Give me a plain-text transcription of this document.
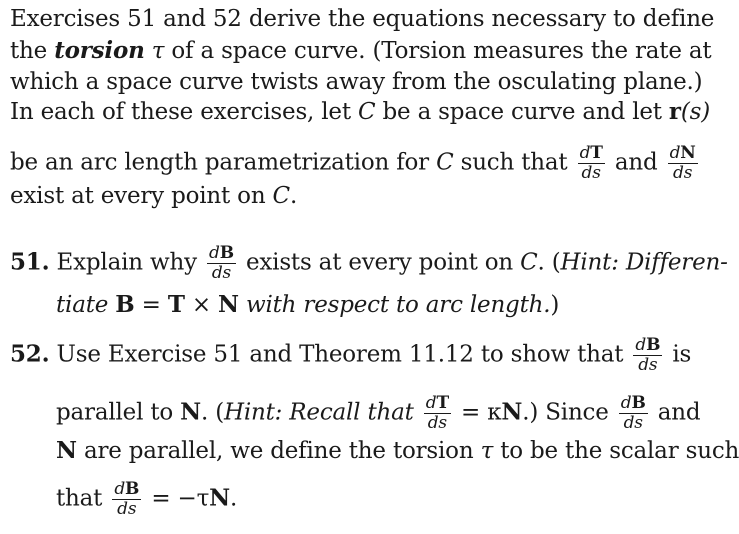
Exercises 51 and 52 derive the equations necessary to define
the torsion τ of a space curve. (Torsion measures the rate at
which a space curve twists away from the osculating plane.)
In each of these exercises, let C be a space curve and let r(s)
be an arc length parametrization for C such that $\frac{dT}{ds}$ and $\frac{dN}{ds}$
exist at every point on C.
51. Explain why $\frac{dB}{ds}$ exists at every point on C. (Hint: Differen-
tiate B = T × N with respect to arc length.)
52. Use Exercise 51 and Theorem 11.12 to show that $\frac{dB}{ds}$ is
parallel to N. (Hint: Recall that $\frac{dT}{ds} = \kappa N$.) Since $\frac{dB}{ds}$ and
N are parallel, we define the torsion τ to be the scalar such
that $\frac{dB}{ds} = -\tau N$.
